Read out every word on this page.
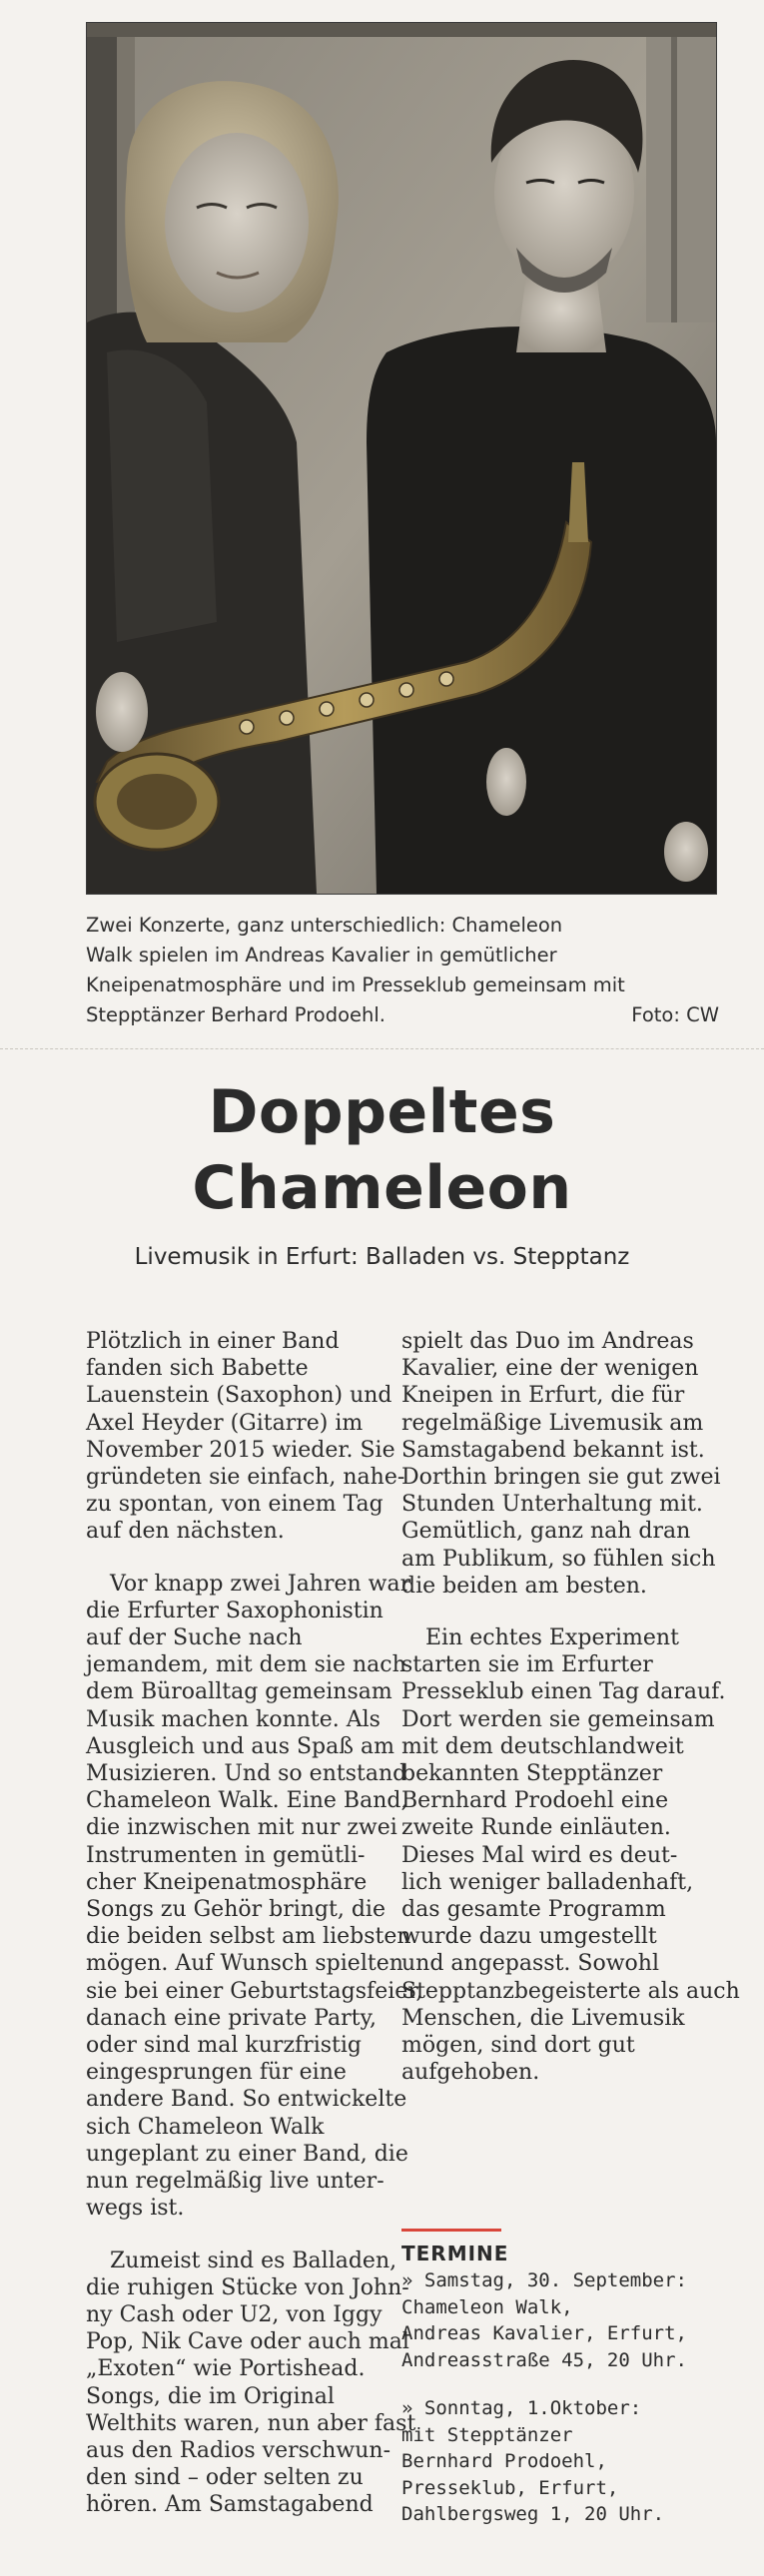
Zwei Konzerte, ganz unterschiedlich: Chameleon
Walk spielen im Andreas Kavalier in gemütlicher
Kneipenatmosphäre und im Presseklub gemeinsam mit
Stepptänzer Berhard Prodoehl.	Foto: CW
Doppeltes
Chameleon
Livemusik in Erfurt: Balladen vs. Stepptanz
Plötzlich in einer Band
fanden sich Babette
Lauenstein (Saxophon) und
Axel Heyder (Gitarre) im
November 2015 wieder. Sie
gründeten sie einfach, nahe-
zu spontan, von einem Tag
auf den nächsten.
Vor knapp zwei Jahren war
die Erfurter Saxophonistin
auf der Suche nach
jemandem, mit dem sie nach
dem Büroalltag gemeinsam
Musik machen konnte. Als
Ausgleich und aus Spaß am
Musizieren. Und so entstand
Chameleon Walk. Eine Band,
die inzwischen mit nur zwei
Instrumenten in gemütli-
cher Kneipenatmosphäre
Songs zu Gehör bringt, die
die beiden selbst am liebsten
mögen. Auf Wunsch spielten
sie bei einer Geburtstagsfeier,
danach eine private Party,
oder sind mal kurzfristig
eingesprungen für eine
andere Band. So entwickelte
sich Chameleon Walk
ungeplant zu einer Band, die
nun regelmäßig live unter-
wegs ist.
Zumeist sind es Balladen,
die ruhigen Stücke von John-
ny Cash oder U2, von Iggy
Pop, Nik Cave oder auch mal
„Exoten“ wie Portishead.
Songs, die im Original
Welthits waren, nun aber fast
aus den Radios verschwun-
den sind – oder selten zu
hören. Am Samstagabend
spielt das Duo im Andreas
Kavalier, eine der wenigen
Kneipen in Erfurt, die für
regelmäßige Livemusik am
Samstagabend bekannt ist.
Dorthin bringen sie gut zwei
Stunden Unterhaltung mit.
Gemütlich, ganz nah dran
am Publikum, so fühlen sich
die beiden am besten.
Ein echtes Experiment
starten sie im Erfurter
Presseklub einen Tag darauf.
Dort werden sie gemeinsam
mit dem deutschlandweit
bekannten Stepptänzer
Bernhard Prodoehl eine
zweite Runde einläuten.
Dieses Mal wird es deut-
lich weniger balladenhaft,
das gesamte Programm
wurde dazu umgestellt
und angepasst. Sowohl
Stepptanzbegeisterte als auch
Menschen, die Livemusik
mögen, sind dort gut
aufgehoben.
TERMINE
» Samstag, 30. September:
Chameleon Walk,
Andreas Kavalier, Erfurt,
Andreasstraße 45, 20 Uhr.
» Sonntag, 1.Oktober:
mit Stepptänzer
Bernhard Prodoehl,
Presseklub, Erfurt,
Dahlbergsweg 1, 20 Uhr.
